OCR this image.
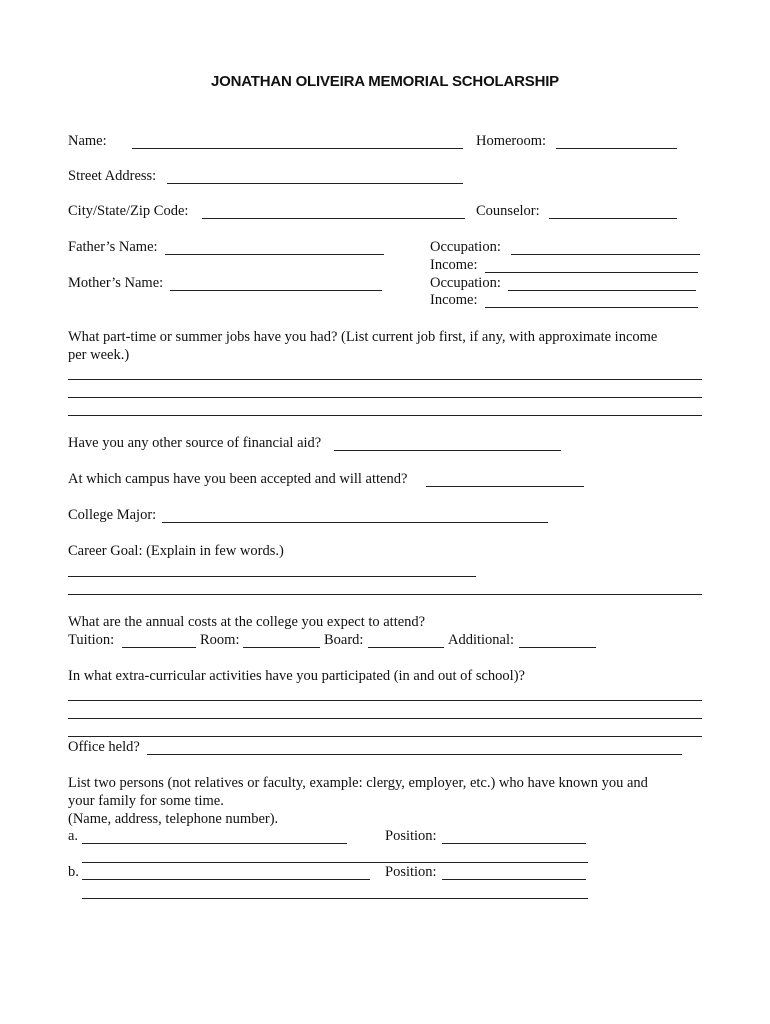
JONATHAN OLIVEIRA MEMORIAL SCHOLARSHIP
Name:	Homeroom:
Street Address:
City/State/Zip Code:	Counselor:
Father’s Name:	Occupation:
Income:
Mother’s Name:	Occupation:
Income:
What part-time or summer jobs have you had? (List current job first, if any, with approximate income
per week.)
Have you any other source of financial aid?
At which campus have you been accepted and will attend?
College Major:
Career Goal: (Explain in few words.)
What are the annual costs at the college you expect to attend?
Tuition:	Room:	Board:	Additional:
In what extra-curricular activities have you participated (in and out of school)?
Office held?
List two persons (not relatives or faculty, example: clergy, employer, etc.) who have known you and
your family for some time.
(Name, address, telephone number).
a.	Position:
b.	Position:
